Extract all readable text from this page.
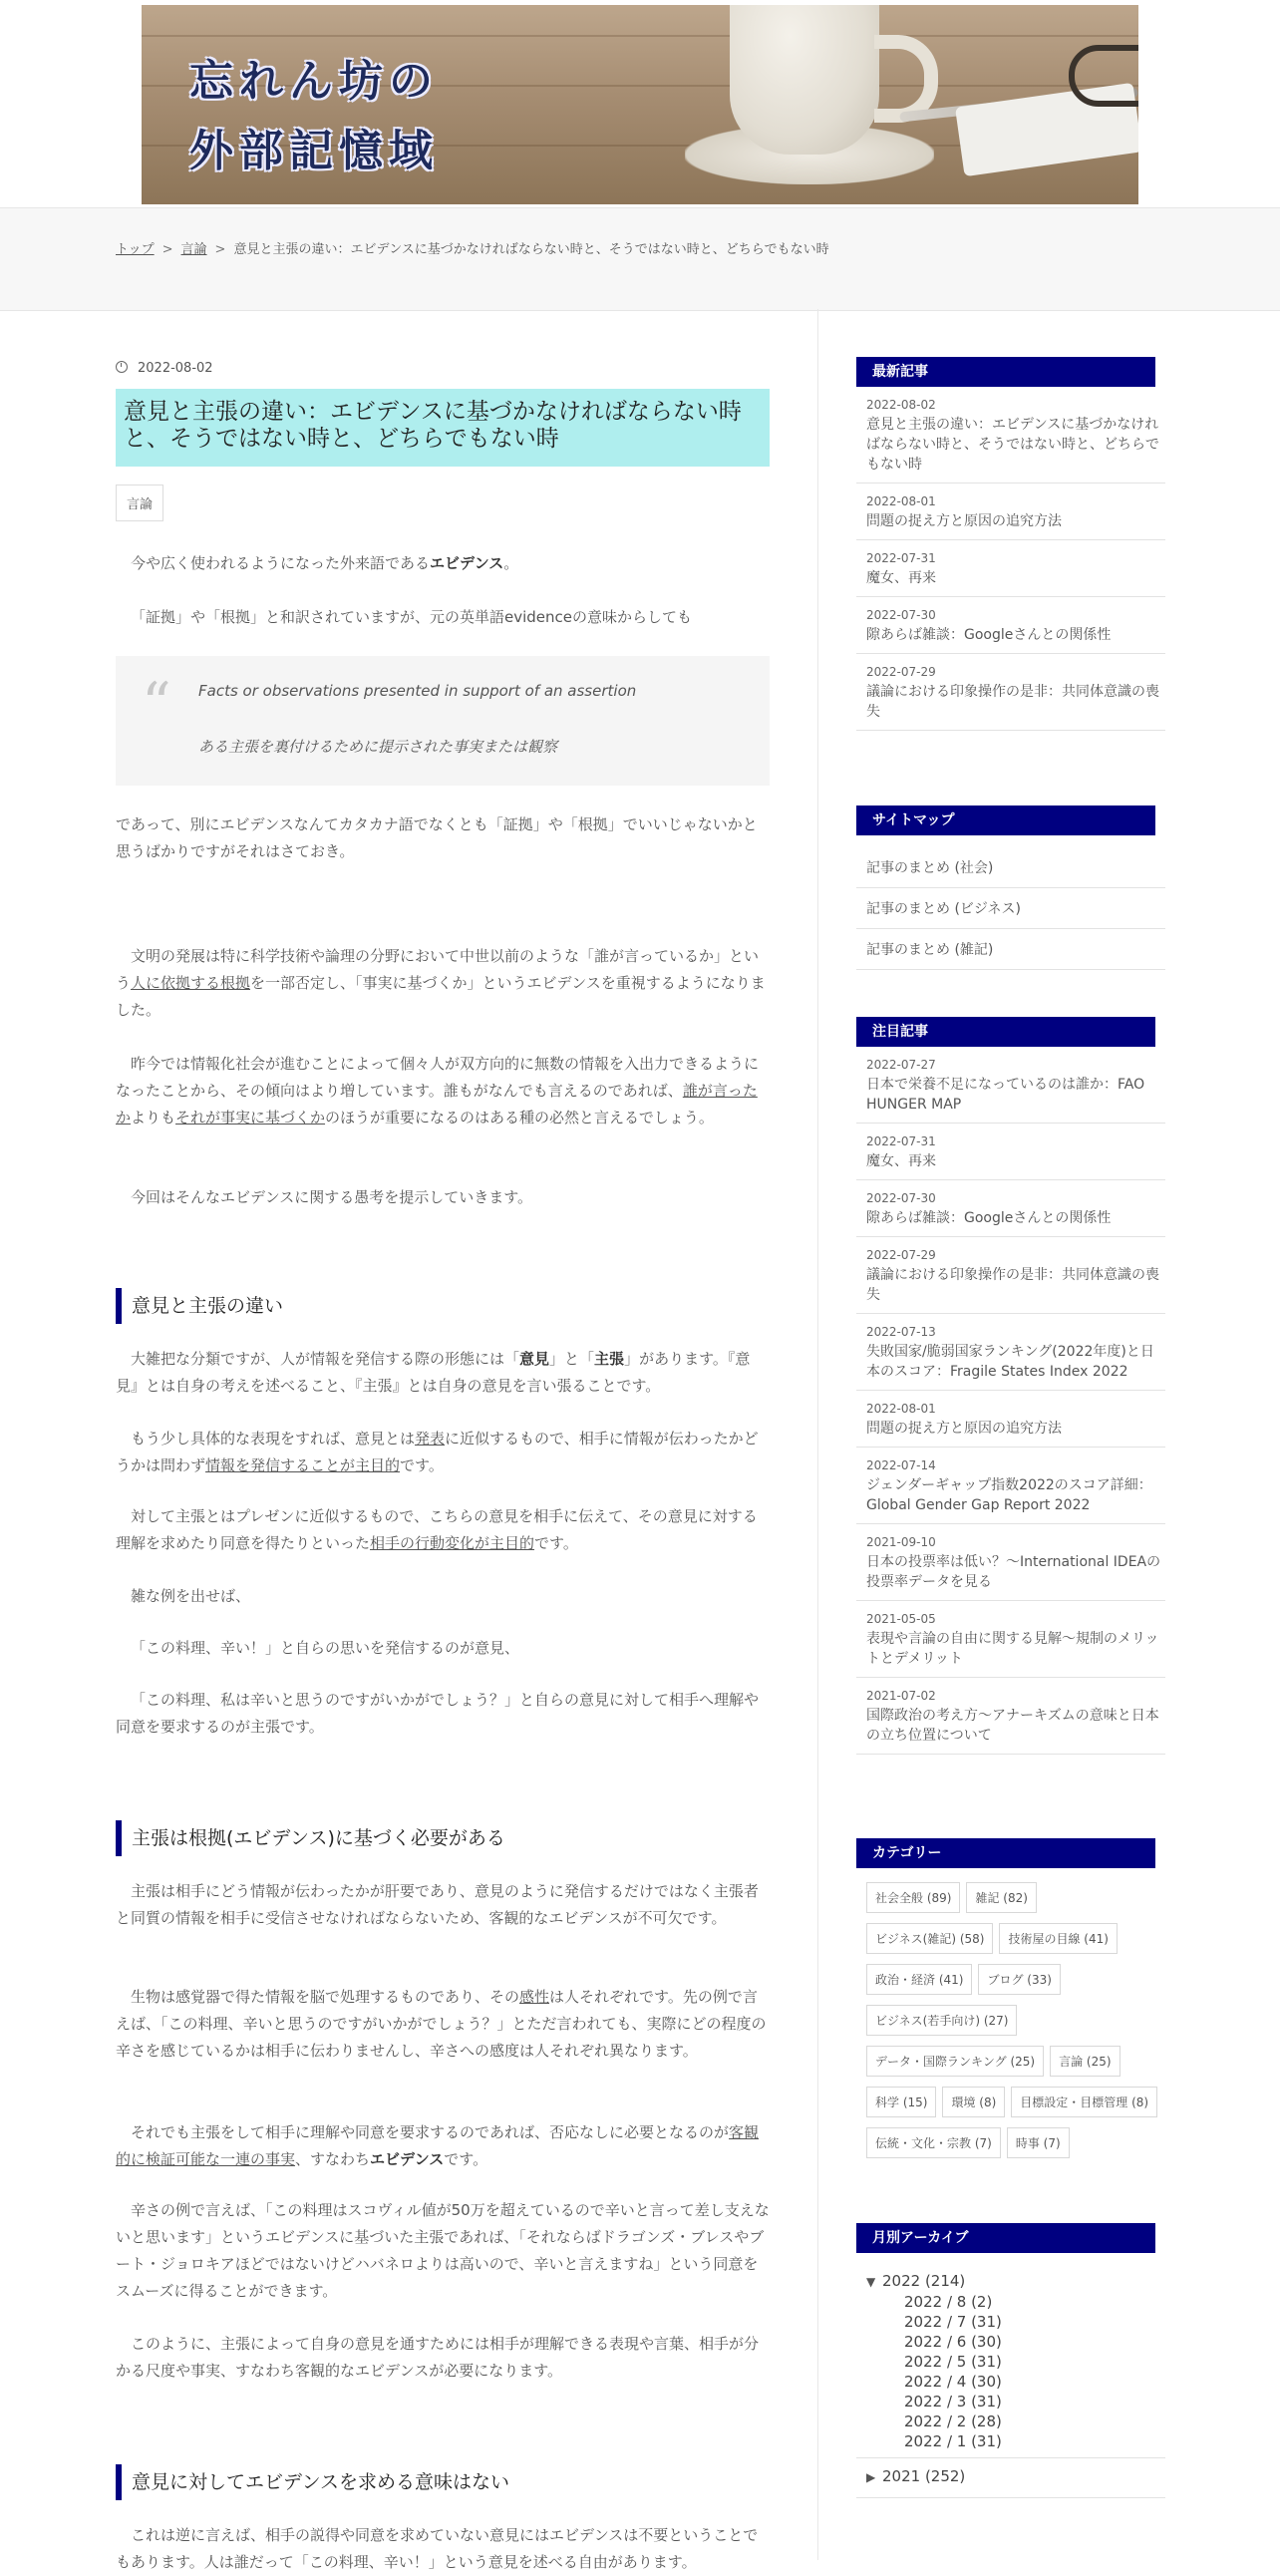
忘れん坊の
外部記憶域
トップ > 言論 > 意見と主張の違い：エビデンスに基づかなければならない時と、そうではない時と、どちらでもない時
2022-08-02
意見と主張の違い：エビデンスに基づかなければならない時と、そうではない時と、どちらでもない時
言論

今や広く使われるようになった外来語であるエビデンス。

「証拠」や「根拠」と和訳されていますが、元の英単語evidenceの意味からしても

“ Facts or observations presented in support of an assertion
ある主張を裏付けるために提示された事実または観察

であって、別にエビデンスなんてカタカナ語でなくとも「証拠」や「根拠」でいいじゃないかと思うばかりですがそれはさておき。

文明の発展は特に科学技術や論理の分野において中世以前のような「誰が言っているか」という人に依拠する根拠を一部否定し、「事実に基づくか」というエビデンスを重視するようになりました。

昨今では情報化社会が進むことによって個々人が双方向的に無数の情報を入出力できるようになったことから、その傾向はより増しています。誰もがなんでも言えるのであれば、誰が言ったかよりもそれが事実に基づくかのほうが重要になるのはある種の必然と言えるでしょう。

今回はそんなエビデンスに関する愚考を提示していきます。

意見と主張の違い

大雑把な分類ですが、人が情報を発信する際の形態には「意見」と「主張」があります。『意見』とは自身の考えを述べること、『主張』とは自身の意見を言い張ることです。

もう少し具体的な表現をすれば、意見とは発表に近似するもので、相手に情報が伝わったかどうかは問わず情報を発信することが主目的です。

対して主張とはプレゼンに近似するもので、こちらの意見を相手に伝えて、その意見に対する理解を求めたり同意を得たりといった相手の行動変化が主目的です。

雑な例を出せば、

「この料理、辛い！」と自らの思いを発信するのが意見、

「この料理、私は辛いと思うのですがいかがでしょう？」と自らの意見に対して相手へ理解や同意を要求するのが主張です。

主張は根拠(エビデンス)に基づく必要がある

主張は相手にどう情報が伝わったかが肝要であり、意見のように発信するだけではなく主張者と同質の情報を相手に受信させなければならないため、客観的なエビデンスが不可欠です。

生物は感覚器で得た情報を脳で処理するものであり、その感性は人それぞれです。先の例で言えば、「この料理、辛いと思うのですがいかがでしょう？」とただ言われても、実際にどの程度の辛さを感じているかは相手に伝わりませんし、辛さへの感度は人それぞれ異なります。

それでも主張をして相手に理解や同意を要求するのであれば、否応なしに必要となるのが客観的に検証可能な一連の事実、すなわちエビデンスです。

辛さの例で言えば、「この料理はスコヴィル値が50万を超えているので辛いと言って差し支えないと思います」というエビデンスに基づいた主張であれば、「それならばドラゴンズ・ブレスやブート・ジョロキアほどではないけどハバネロよりは高いので、辛いと言えますね」という同意をスムーズに得ることができます。

このように、主張によって自身の意見を通すためには相手が理解できる表現や言葉、相手が分かる尺度や事実、すなわち客観的なエビデンスが必要になります。

意見に対してエビデンスを求める意味はない

これは逆に言えば、相手の説得や同意を求めていない意見にはエビデンスは不要ということでもあります。人は誰だって「この料理、辛い！」という意見を述べる自由があります。

最新記事
2022-08-02
意見と主張の違い：エビデンスに基づかなければならない時と、そうではない時と、どちらでもない時
2022-08-01
問題の捉え方と原因の追究方法
2022-07-31
魔女、再来
2022-07-30
隙あらば雑談：Googleさんとの関係性
2022-07-29
議論における印象操作の是非：共同体意識の喪失
サイトマップ
記事のまとめ (社会)
記事のまとめ (ビジネス)
記事のまとめ (雑記)
注目記事
2022-07-27
日本で栄養不足になっているのは誰か：FAO HUNGER MAP
2022-07-31
魔女、再来
2022-07-30
隙あらば雑談：Googleさんとの関係性
2022-07-29
議論における印象操作の是非：共同体意識の喪失
2022-07-13
失敗国家/脆弱国家ランキング(2022年度)と日本のスコア：Fragile States Index 2022
2022-08-01
問題の捉え方と原因の追究方法
2022-07-14
ジェンダーギャップ指数2022のスコア詳細：Global Gender Gap Report 2022
2021-09-10
日本の投票率は低い？～International IDEAの投票率データを見る
2021-05-05
表現や言論の自由に関する見解～規制のメリットとデメリット
2021-07-02
国際政治の考え方～アナーキズムの意味と日本の立ち位置について
カテゴリー
社会全般 (89) 雑記 (82)ビジネス(雑記) (58) 技術屋の目線 (41)政治・経済 (41) ブログ (33)ビジネス(若手向け) (27)データ・国際ランキング (25) 言論 (25)科学 (15) 環境 (8) 目標設定・目標管理 (8)伝統・文化・宗教 (7) 時事 (7)
月別アーカイブ
▼ 2022 (214)
2022 / 8 (2)
2022 / 7 (31)
2022 / 6 (30)
2022 / 5 (31)
2022 / 4 (30)
2022 / 3 (31)
2022 / 2 (28)
2022 / 1 (31)
▶ 2021 (252)
